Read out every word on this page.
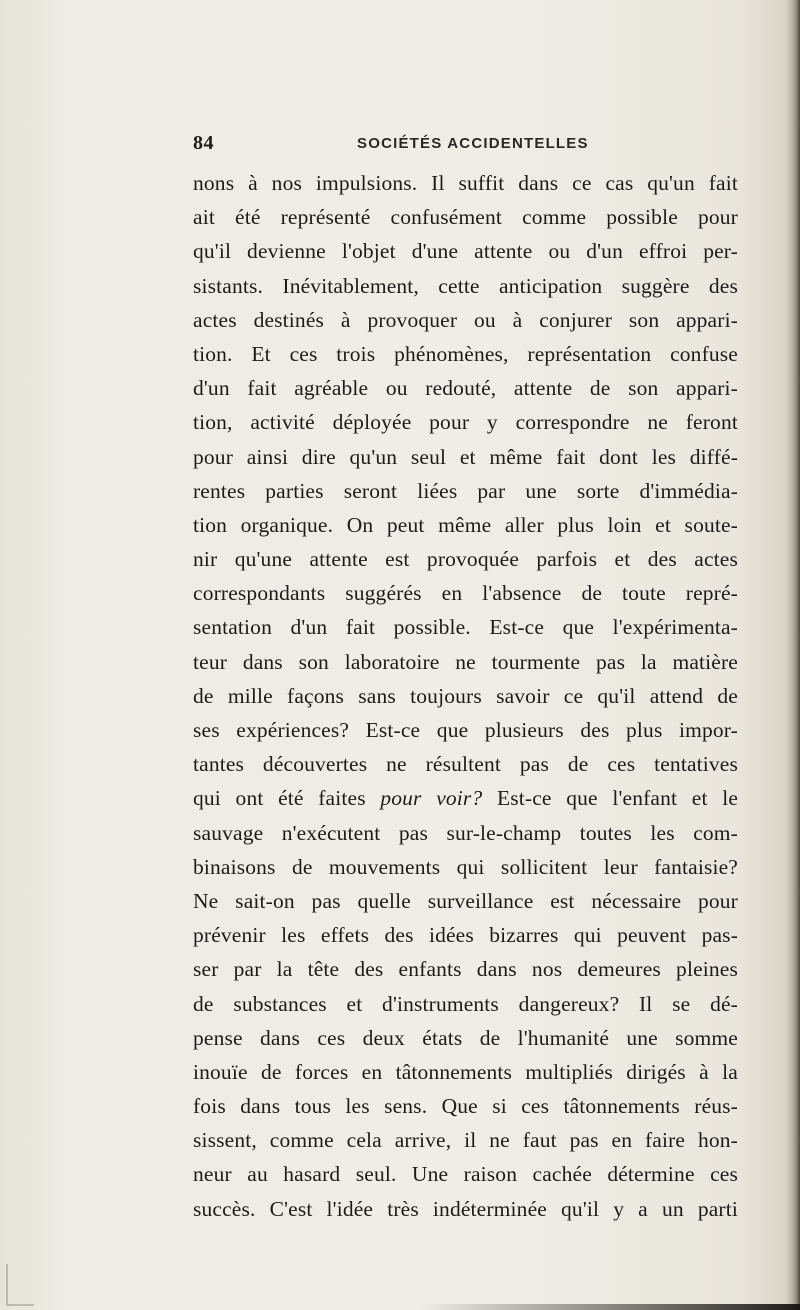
84	SOCIÉTÉS ACCIDENTELLES
nons à nos impulsions. Il suffit dans ce cas qu'un fait
ait été représenté confusément comme possible pour
qu'il devienne l'objet d'une attente ou d'un effroi per-
sistants. Inévitablement, cette anticipation suggère des
actes destinés à provoquer ou à conjurer son appari-
tion. Et ces trois phénomènes, représentation confuse
d'un fait agréable ou redouté, attente de son appari-
tion, activité déployée pour y correspondre ne feront
pour ainsi dire qu'un seul et même fait dont les diffé-
rentes parties seront liées par une sorte d'immédia-
tion organique. On peut même aller plus loin et soute-
nir qu'une attente est provoquée parfois et des actes
correspondants suggérés en l'absence de toute repré-
sentation d'un fait possible. Est-ce que l'expérimenta-
teur dans son laboratoire ne tourmente pas la matière
de mille façons sans toujours savoir ce qu'il attend de
ses expériences? Est-ce que plusieurs des plus impor-
tantes découvertes ne résultent pas de ces tentatives
qui ont été faites pour voir? Est-ce que l'enfant et le
sauvage n'exécutent pas sur-le-champ toutes les com-
binaisons de mouvements qui sollicitent leur fantaisie?
Ne sait-on pas quelle surveillance est nécessaire pour
prévenir les effets des idées bizarres qui peuvent pas-
ser par la tête des enfants dans nos demeures pleines
de substances et d'instruments dangereux? Il se dé-
pense dans ces deux états de l'humanité une somme
inouïe de forces en tâtonnements multipliés dirigés à la
fois dans tous les sens. Que si ces tâtonnements réus-
sissent, comme cela arrive, il ne faut pas en faire hon-
neur au hasard seul. Une raison cachée détermine ces
succès. C'est l'idée très indéterminée qu'il y a un parti
